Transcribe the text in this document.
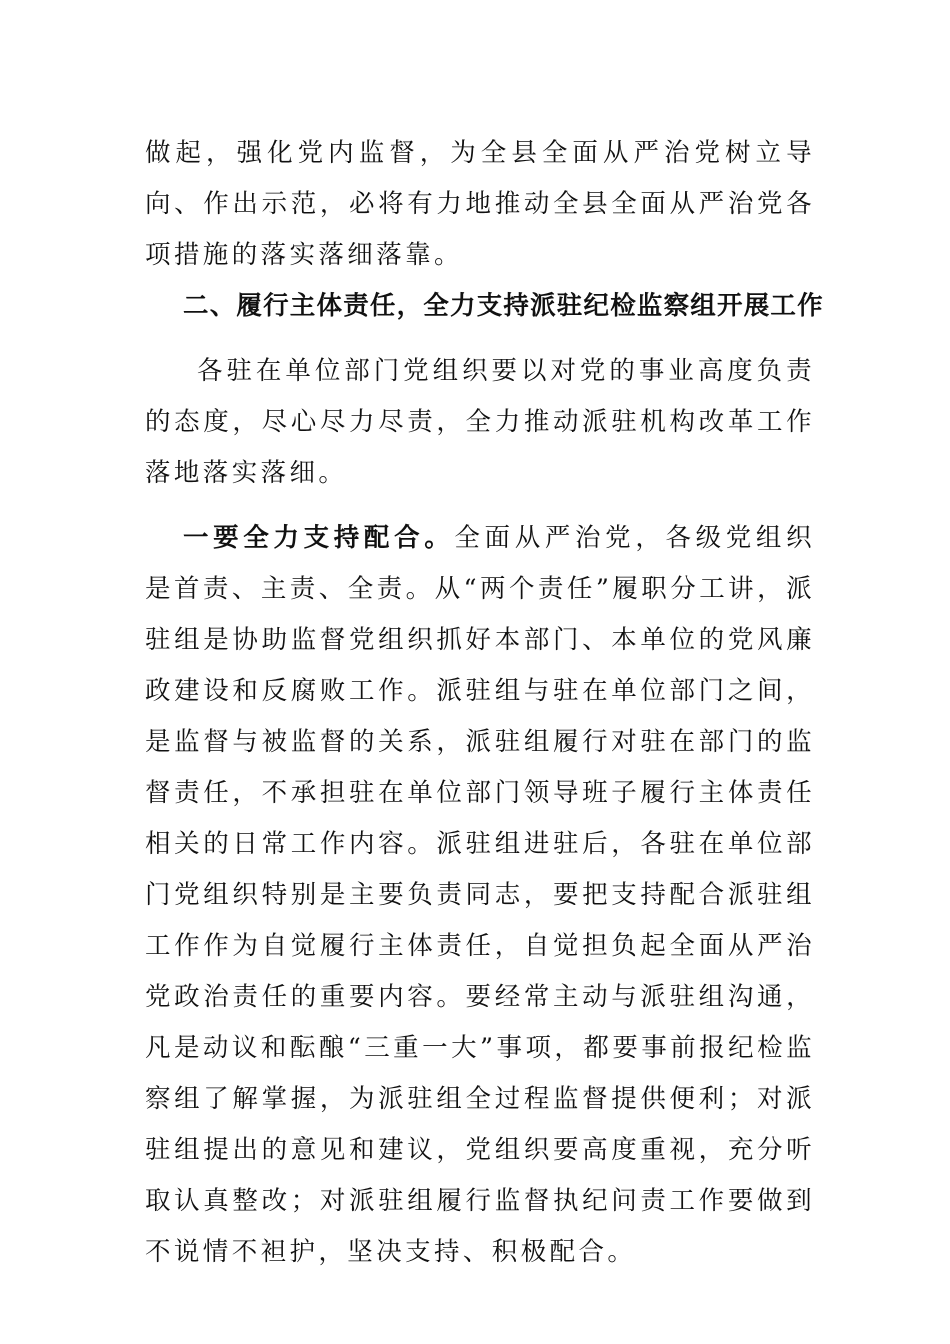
做起，强化党内监督，为全县全面从严治党树立导向、作出示范，必将有力地推动全县全面从严治党各项措施的落实落细落靠。

二、履行主体责任，全力支持派驻纪检监察组开展工作

各驻在单位部门党组织要以对党的事业高度负责的态度，尽心尽力尽责，全力推动派驻机构改革工作落地落实落细。

一要全力支持配合。全面从严治党，各级党组织是首责、主责、全责。从“两个责任”履职分工讲，派驻组是协助监督党组织抓好本部门、本单位的党风廉政建设和反腐败工作。派驻组与驻在单位部门之间，是监督与被监督的关系，派驻组履行对驻在部门的监督责任，不承担驻在单位部门领导班子履行主体责任相关的日常工作内容。派驻组进驻后，各驻在单位部门党组织特别是主要负责同志，要把支持配合派驻组工作作为自觉履行主体责任，自觉担负起全面从严治党政治责任的重要内容。要经常主动与派驻组沟通，凡是动议和酝酿“三重一大”事项，都要事前报纪检监察组了解掌握，为派驻组全过程监督提供便利；对派驻组提出的意见和建议，党组织要高度重视，充分听取认真整改；对派驻组履行监督执纪问责工作要做到不说情不袒护，坚决支持、积极配合。
